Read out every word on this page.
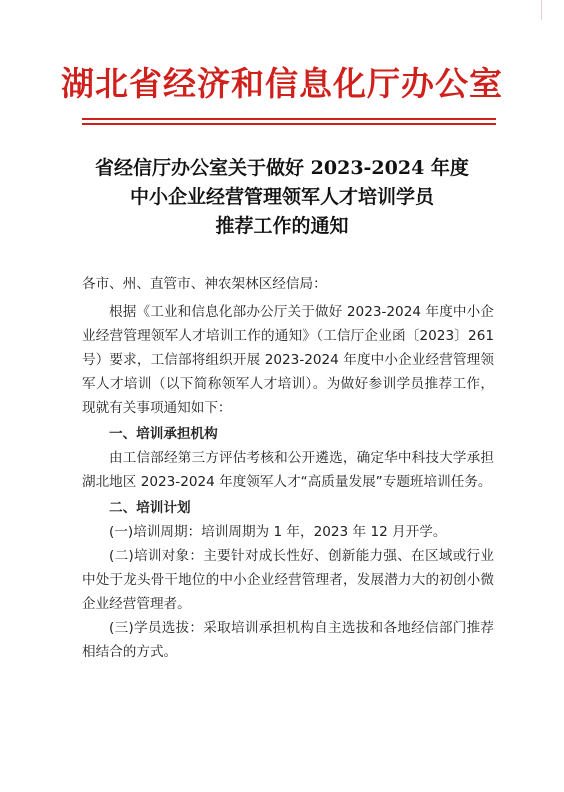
湖北省经济和信息化厅办公室
省经信厅办公室关于做好 2023-2024 年度
中小企业经营管理领军人才培训学员
推荐工作的通知

各市、州、直管市、神农架林区经信局：

根据《工业和信息化部办公厅关于做好 2023-2024 年度中小企业经营管理领军人才培训工作的通知》（工信厅企业函〔2023〕261 号）要求，工信部将组织开展 2023-2024 年度中小企业经营管理领军人才培训（以下简称领军人才培训）。为做好参训学员推荐工作，现就有关事项通知如下：

一、培训承担机构

由工信部经第三方评估考核和公开遴选，确定华中科技大学承担湖北地区 2023-2024 年度领军人才“高质量发展”专题班培训任务。

二、培训计划

(一)培训周期：培训周期为 1 年，2023 年 12 月开学。

(二)培训对象：主要针对成长性好、创新能力强、在区域或行业中处于龙头骨干地位的中小企业经营管理者，发展潜力大的初创小微企业经营管理者。

(三)学员选拔：采取培训承担机构自主选拔和各地经信部门推荐相结合的方式。
